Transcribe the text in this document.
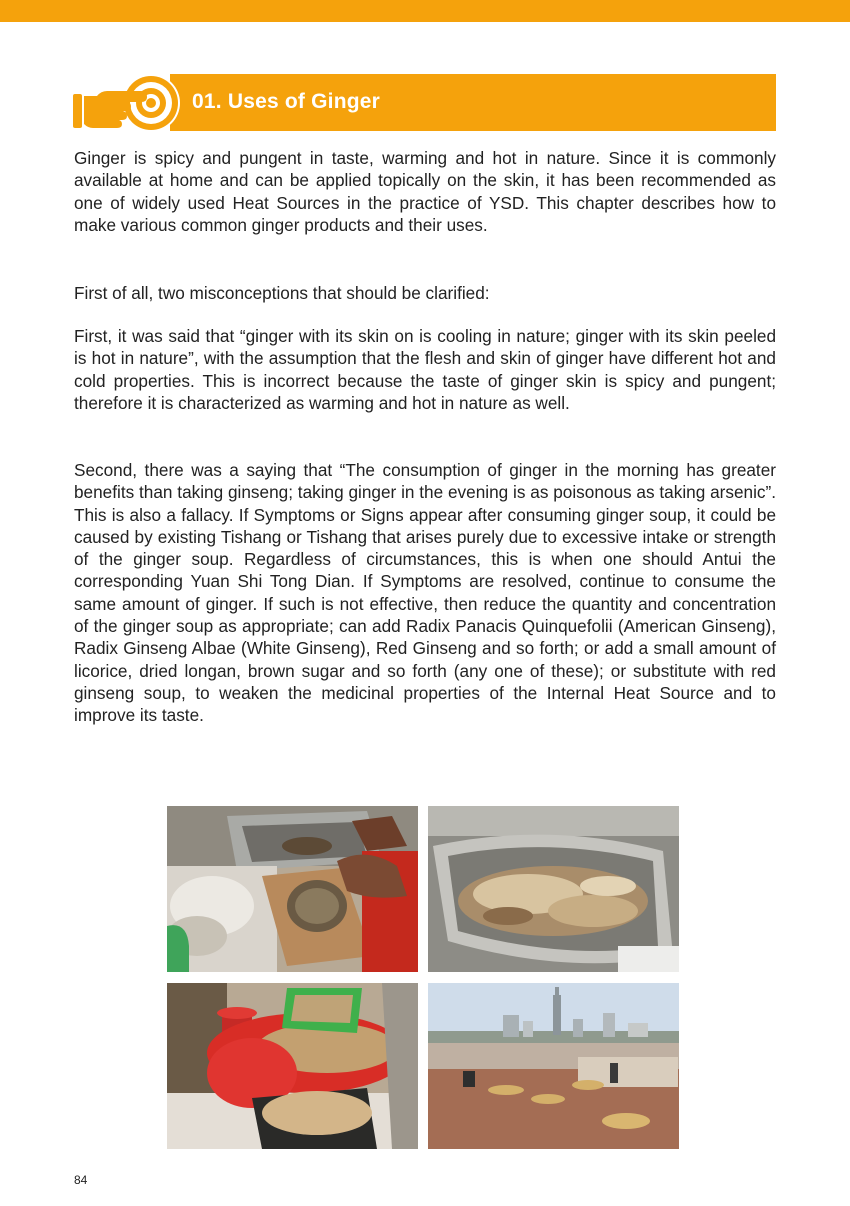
01. Uses of Ginger

Ginger is spicy and pungent in taste, warming and hot in nature. Since it is commonly available at home and can be applied topically on the skin, it has been recommended as one of widely used Heat Sources in the practice of YSD. This chapter describes how to make various common ginger products and their uses.

First of all, two misconceptions that should be clarified:

First, it was said that “ginger with its skin on is cooling in nature; ginger with its skin peeled is hot in nature”, with the assumption that the flesh and skin of ginger have different hot and cold properties. This is incorrect because the taste of ginger skin is spicy and pungent; therefore it is characterized as warming and hot in nature as well.

Second, there was a saying that “The consumption of ginger in the morning has greater benefits than taking ginseng; taking ginger in the evening is as poisonous as taking arsenic”. This is also a fallacy. If Symptoms or Signs appear after consuming ginger soup, it could be caused by existing Tishang or Tishang that arises purely due to excessive intake or strength of the ginger soup. Regardless of circumstances, this is when one should Antui the corresponding Yuan Shi Tong Dian. If Symptoms are resolved, continue to consume the same amount of ginger. If such is not effective, then reduce the quantity and concentration of the ginger soup as appropriate; can add Radix Panacis Quinquefolii (American Ginseng), Radix Ginseng Albae (White Ginseng), Red Ginseng and so forth; or add a small amount of licorice, dried longan, brown sugar and so forth (any one of these); or substitute with red ginseng soup, to weaken the medicinal properties of the Internal Heat Source and to improve its taste.

84
